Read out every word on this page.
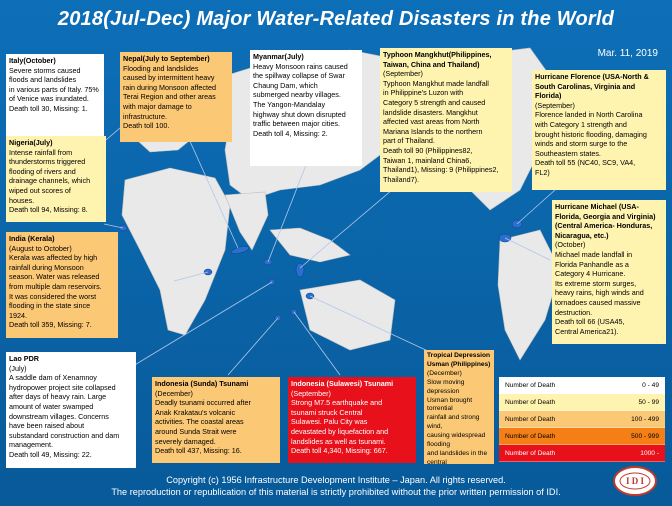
2018(Jul-Dec) Major Water-Related Disasters in the World
Mar. 11, 2019
Italy(October)
Severe storms caused
floods and landslides
in various parts of Italy. 75%
of Venice was inundated.
Death toll 30, Missing: 1.
Nepal(July to September)
Flooding and landslides
caused by intermittent heavy
rain during Monsoon affected
Terai Region and other areas
with major damage to
infrastructure.
Death toll 100.
Myanmar(July)
Heavy Monsoon rains caused
the spillway collapse of Swar
Chaung Dam, which
submerged nearby villages.
The Yangon-Mandalay
highway shut down disrupted
traffic between major cities.
Death toll 4, Missing: 2.
Typhoon Mangkhut(Philippines, Taiwan, China and Thailand)
(September)
Typhoon Mangkhut made landfall
in Philippine's Luzon with
Category 5 strength and caused
landslide disasters. Mangkhut
affected vast areas from North
Mariana Islands to the northern
part of Thailand.
Death toll 90 (Philippines82,
Taiwan 1, mainland China6,
Thailand1), Missing: 9 (Philippines2,
Thailand7).
Hurricane Florence (USA-North & South Carolinas, Virginia and Florida)
(September)
Florence landed in North Carolina
with Category 1 strength and
brought historic flooding, damaging
winds and storm surge to the
Southeastern states.
Death toll 55 (NC40, SC9, VA4,
FL2)
Nigeria(July)
Intense rainfall from
thunderstorms triggered
flooding of rivers and
drainage channels, which
wiped out scores of
houses.
Death toll 94, Missing: 8.
India (Kerala)
(August to October)
Kerala was affected by high
rainfall during Monsoon
season. Water was released
from multiple dam reservoirs.
It was considered the worst
flooding in the state since
1924.
Death toll 359, Missing: 7.
Hurricane Michael (USA-Florida, Georgia and Virginia) (Central America- Honduras, Nicaragua, etc.)
(October)
Michael made landfall in
Florida Panhandle as a
Category 4 Hurricane.
Its extreme storm surges,
heavy rains, high winds and
tornadoes caused massive
destruction.
Death toll 66 (USA45,
Central America21).
Lao PDR
(July)
A saddle dam of Xenamnoy
hydropower project site collapsed
after days of heavy rain. Large
amount of water swamped
downstream villages. Concerns
have been raised about
substandard construction and dam
management.
Death toll 49, Missing: 22.
Indonesia (Sunda) Tsunami
(December)
Deadly tsunami occurred after
Anak Krakatau's volcanic
activities. The coastal areas
around Sunda Strait were
severely damaged.
Death toll 437, Missing: 16.
Indonesia (Sulawesi) Tsunami
(September)
Strong M7.5 earthquake and
tsunami struck Central
Sulawesi. Palu City was
devastated by liquefaction and
landslides as well as tsunami.
Death toll 4,340, Missing: 667.
Tropical Depression Usman (Philippines)
(December)
Slow moving depression
Usman brought torrential
rainfall and strong wind,
causing widespread flooding
and landslides in the central
Number of Death	0 - 49
Number of Death	50 - 99
Number of Death	100 - 499
Number of Death	500 - 999
Number of Death	1000 -
Copyright (c) 1956 Infrastructure Development Institute – Japan. All rights reserved.
The reproduction or republication of this material is strictly prohibited without the prior written permission of IDI.
I D I
